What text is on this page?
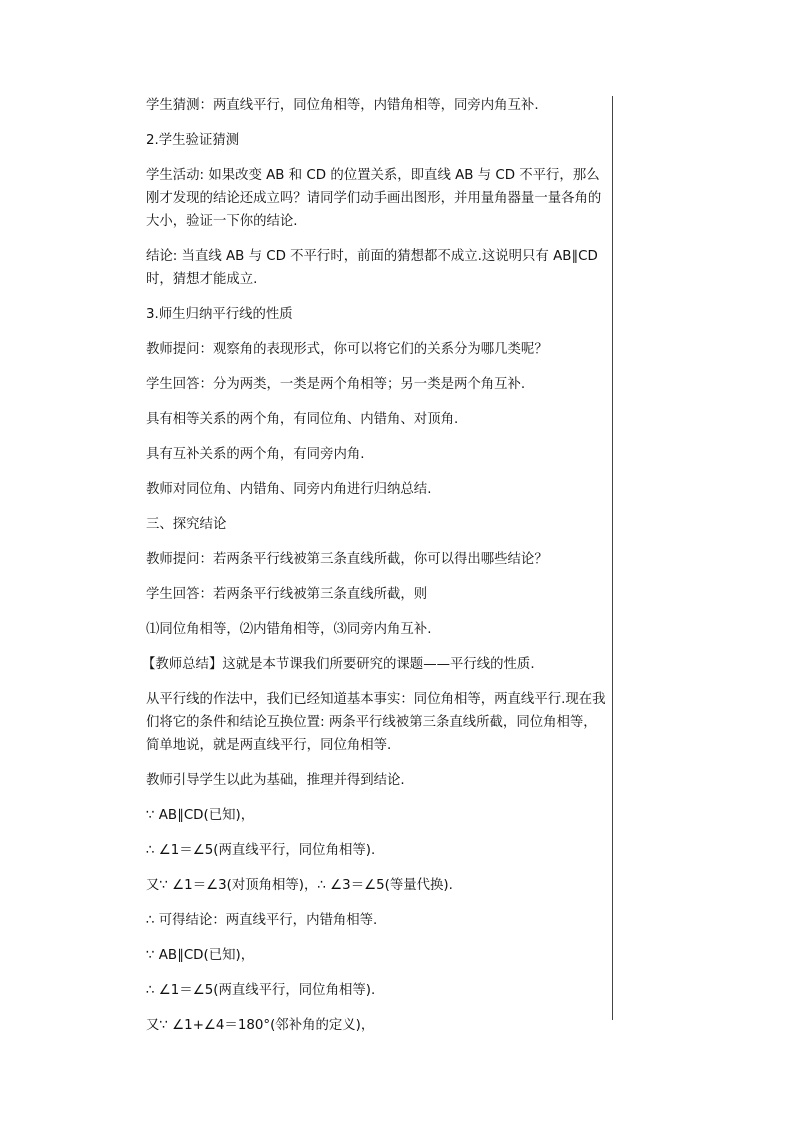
学生猜测：两直线平行，同位角相等，内错角相等，同旁内角互补.

2.学生验证猜测

学生活动: 如果改变 AB 和 CD 的位置关系，即直线 AB 与 CD 不平行，那么刚才发现的结论还成立吗？请同学们动手画出图形，并用量角器量一量各角的大小，验证一下你的结论.

结论: 当直线 AB 与 CD 不平行时，前面的猜想都不成立.这说明只有 AB∥CD 时，猜想才能成立.

3.师生归纳平行线的性质

教师提问：观察角的表现形式，你可以将它们的关系分为哪几类呢？

学生回答：分为两类，一类是两个角相等；另一类是两个角互补.

具有相等关系的两个角，有同位角、内错角、对顶角.

具有互补关系的两个角，有同旁内角.

教师对同位角、内错角、同旁内角进行归纳总结.

三、探究结论

教师提问：若两条平行线被第三条直线所截，你可以得出哪些结论？

学生回答：若两条平行线被第三条直线所截，则

⑴同位角相等，⑵内错角相等，⑶同旁内角互补.

【教师总结】这就是本节课我们所要研究的课题——平行线的性质.

从平行线的作法中，我们已经知道基本事实：同位角相等，两直线平行.现在我们将它的条件和结论互换位置: 两条平行线被第三条直线所截，同位角相等，简单地说，就是两直线平行，同位角相等.

教师引导学生以此为基础，推理并得到结论.

∵ AB∥CD(已知)，

∴ ∠1＝∠5(两直线平行，同位角相等).

又∵ ∠1＝∠3(对顶角相等)，∴ ∠3＝∠5(等量代换).

∴ 可得结论：两直线平行，内错角相等.

∵ AB∥CD(已知)，

∴ ∠1＝∠5(两直线平行，同位角相等).

又∵ ∠1+∠4＝180°(邻补角的定义)，
